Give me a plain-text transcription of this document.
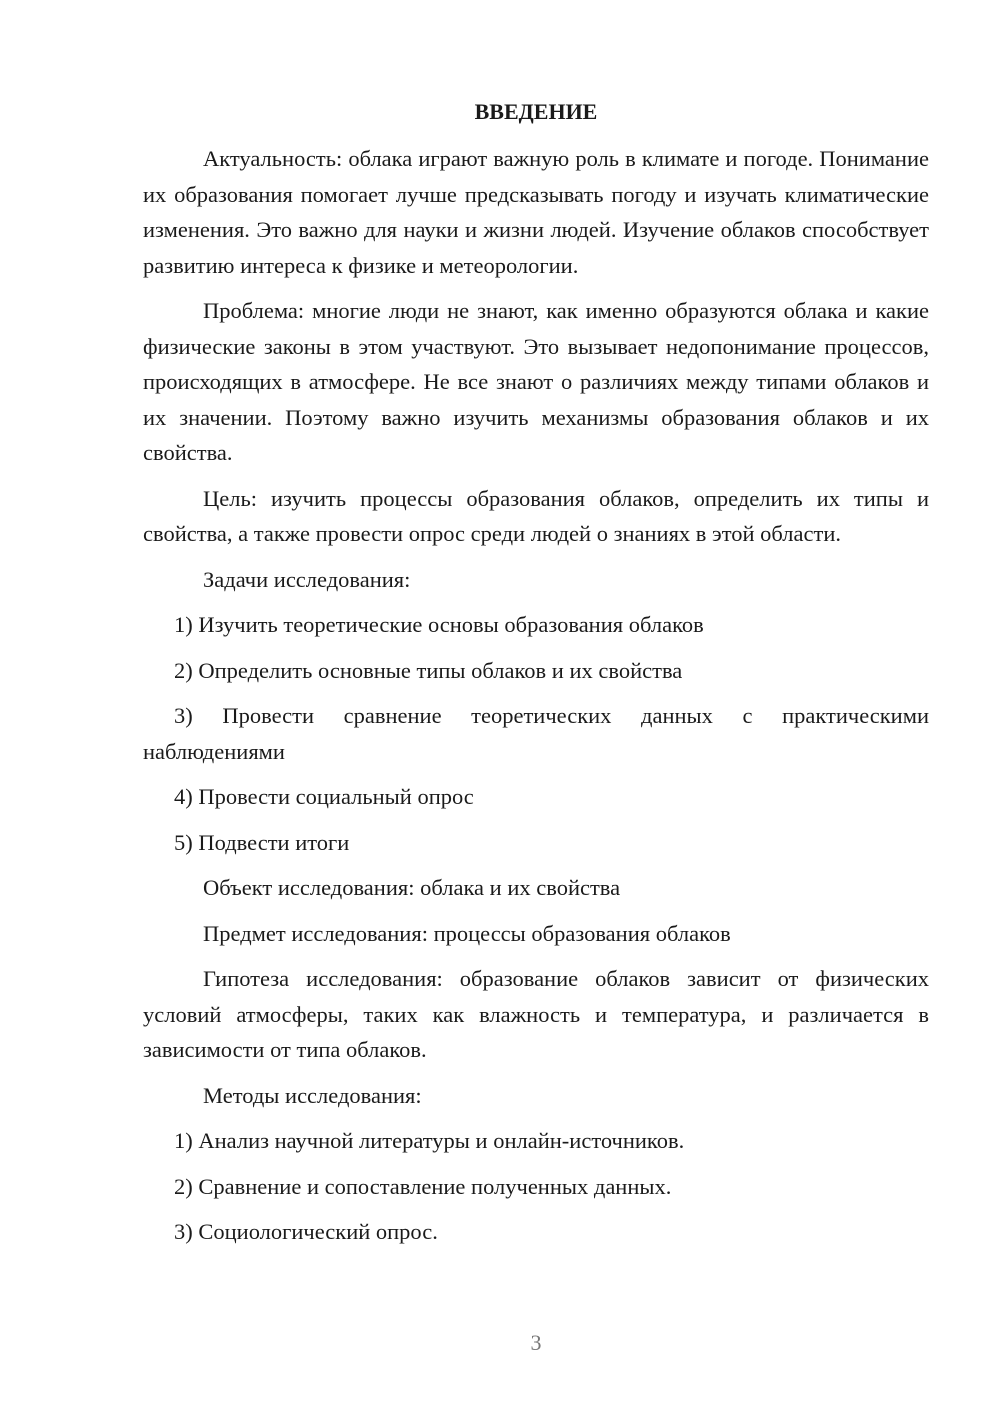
ВВЕДЕНИЕ

Актуальность: облака играют важную роль в климате и погоде. Понимание их образования помогает лучше предсказывать погоду и изучать климатические изменения. Это важно для науки и жизни людей. Изучение облаков способствует развитию интереса к физике и метеорологии.

Проблема: многие люди не знают, как именно образуются облака и какие физические законы в этом участвуют. Это вызывает недопонимание процессов, происходящих в атмосфере. Не все знают о различиях между типами облаков и их значении. Поэтому важно изучить механизмы образования облаков и их свойства.

Цель: изучить процессы образования облаков, определить их типы и свойства, а также провести опрос среди людей о знаниях в этой области.

Задачи исследования:

1) Изучить теоретические основы образования облаков

2) Определить основные типы облаков и их свойства

3) Провести сравнение теоретических данных с практическими наблюдениями

4) Провести социальный опрос

5) Подвести итоги

Объект исследования: облака и их свойства

Предмет исследования: процессы образования облаков

Гипотеза исследования: образование облаков зависит от физических условий атмосферы, таких как влажность и температура, и различается в зависимости от типа облаков.

Методы исследования:

1) Анализ научной литературы и онлайн-источников.

2) Сравнение и сопоставление полученных данных.

3) Социологический опрос.

3
